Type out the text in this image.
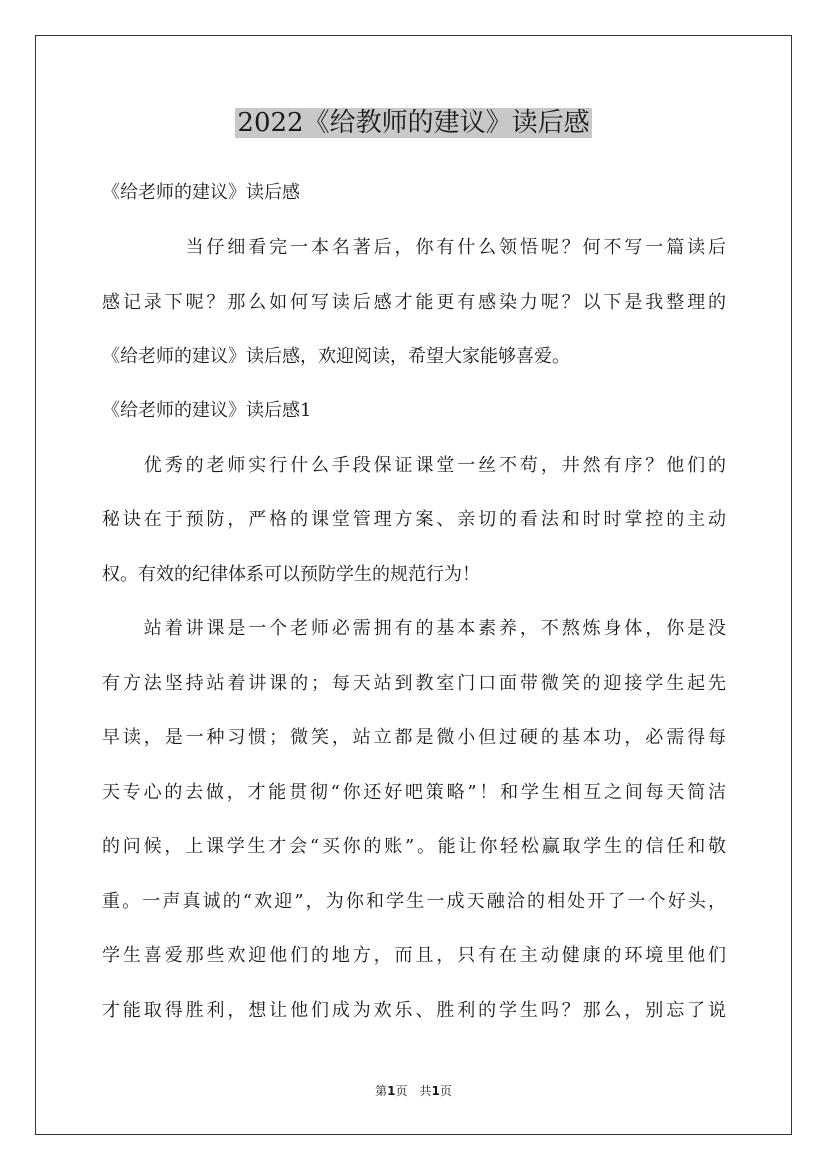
2022《给教师的建议》读后感
《给老师的建议》读后感
　　　　当仔细看完一本名著后，你有什么领悟呢？何不写一篇读后
感记录下呢？那么如何写读后感才能更有感染力呢？以下是我整理的
《给老师的建议》读后感，欢迎阅读，希望大家能够喜爱。
《给老师的建议》读后感1
　　优秀的老师实行什么手段保证课堂一丝不苟，井然有序？他们的
秘诀在于预防，严格的课堂管理方案、亲切的看法和时时掌控的主动
权。有效的纪律体系可以预防学生的规范行为！
　　站着讲课是一个老师必需拥有的基本素养，不熬炼身体，你是没
有方法坚持站着讲课的；每天站到教室门口面带微笑的迎接学生起先
早读，是一种习惯；微笑，站立都是微小但过硬的基本功，必需得每
天专心的去做，才能贯彻“你还好吧策略”！和学生相互之间每天简洁
的问候，上课学生才会“买你的账”。能让你轻松赢取学生的信任和敬
重。一声真诚的“欢迎”，为你和学生一成天融洽的相处开了一个好头，
学生喜爱那些欢迎他们的地方，而且，只有在主动健康的环境里他们
才能取得胜利，想让他们成为欢乐、胜利的学生吗？那么，别忘了说
第1页　共1页
